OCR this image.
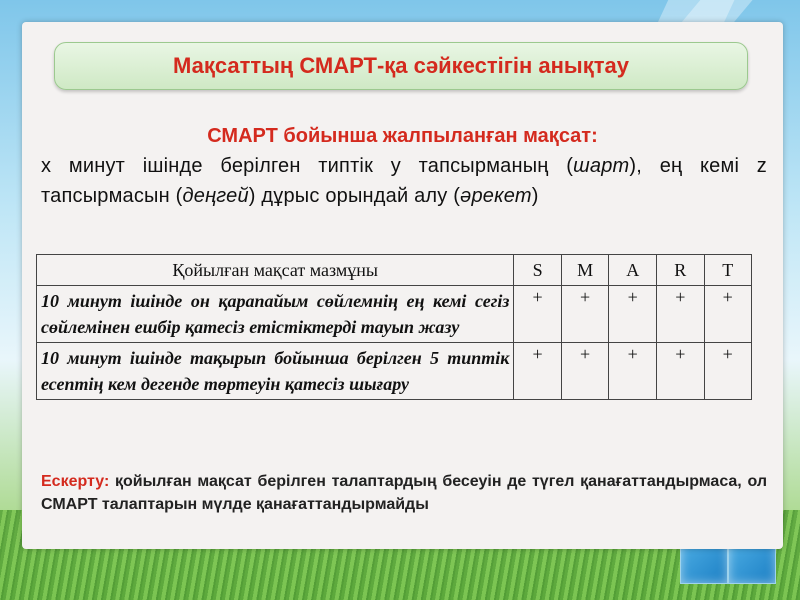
Мақсаттың СМАРТ-қа сәйкестігін анықтау
СМАРТ бойынша жалпыланған мақсат:
x минут ішінде берілген типтік y тапсырманың (шарт), ең кемі z тапсырмасын (деңгей) дұрыс орындай алу (әрекет)
Қойылған мақсат мазмұны	S	M	A	R	T
10 минут ішінде он қарапайым сөйлемнің ең кемі сегіз сөйлемінен ешбір қатесіз етістіктерді тауып жазу	+	+	+	+	+
10 минут ішінде тақырып бойынша берілген 5 типтік есептің кем дегенде төртеуін қатесіз шығару	+	+	+	+	+
Ескерту: қойылған мақсат берілген талаптардың бесеуін де түгел қанағаттандырмаса, ол СМАРТ талаптарын мүлде қанағаттандырмайды
